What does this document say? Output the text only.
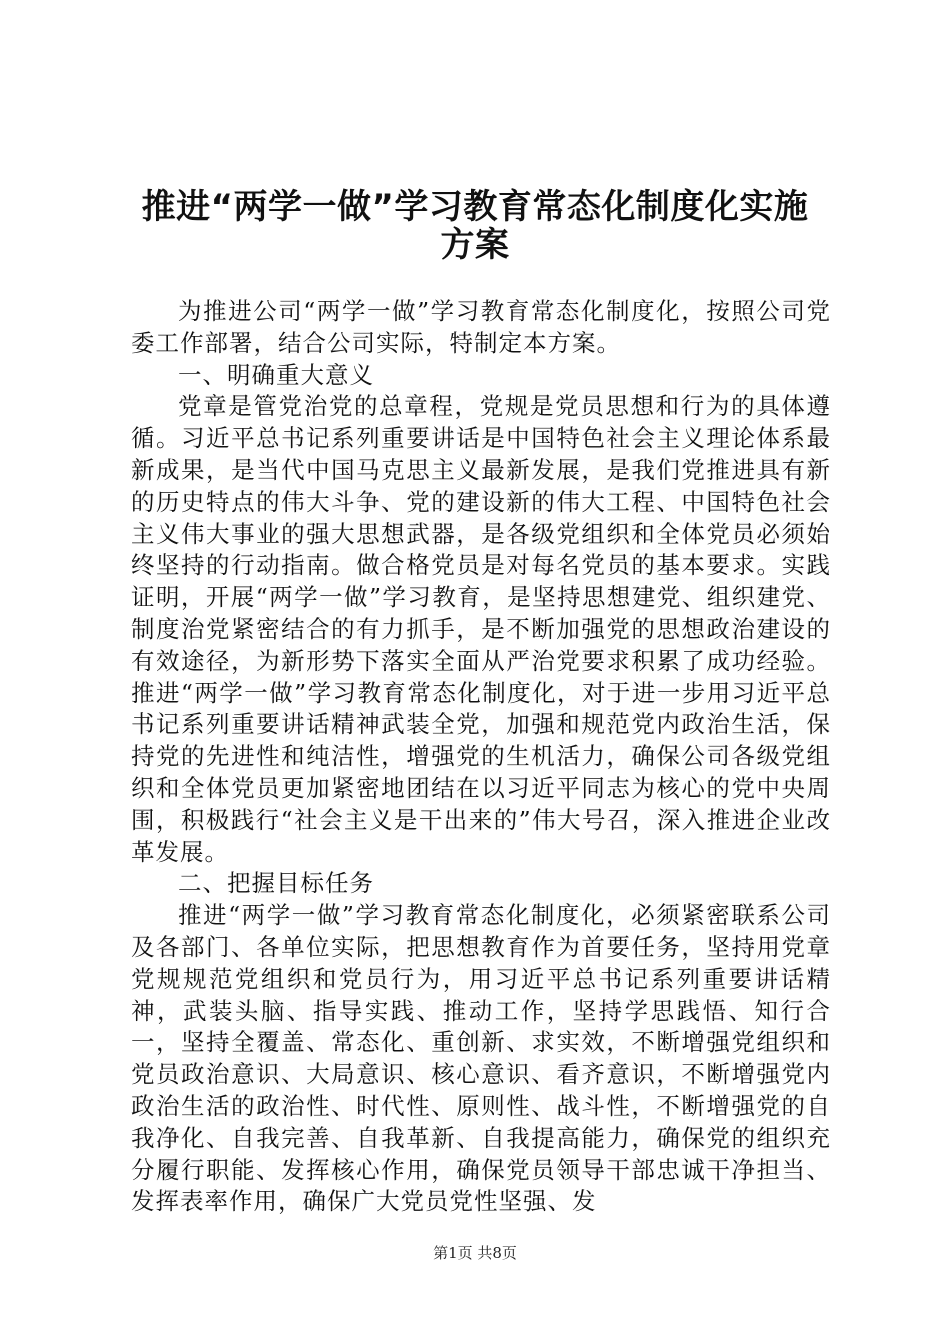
推进“两学一做”学习教育常态化制度化实施
方案

为推进公司“两学一做”学习教育常态化制度化，按照公司党委工作部署，结合公司实际，特制定本方案。

一、明确重大意义

党章是管党治党的总章程，党规是党员思想和行为的具体遵循。习近平总书记系列重要讲话是中国特色社会主义理论体系最新成果，是当代中国马克思主义最新发展，是我们党推进具有新的历史特点的伟大斗争、党的建设新的伟大工程、中国特色社会主义伟大事业的强大思想武器，是各级党组织和全体党员必须始终坚持的行动指南。做合格党员是对每名党员的基本要求。实践证明，开展“两学一做”学习教育，是坚持思想建党、组织建党、制度治党紧密结合的有力抓手，是不断加强党的思想政治建设的有效途径，为新形势下落实全面从严治党要求积累了成功经验。推进“两学一做”学习教育常态化制度化，对于进一步用习近平总书记系列重要讲话精神武装全党，加强和规范党内政治生活，保持党的先进性和纯洁性，增强党的生机活力，确保公司各级党组织和全体党员更加紧密地团结在以习近平同志为核心的党中央周围，积极践行“社会主义是干出来的”伟大号召，深入推进企业改革发展。

二、把握目标任务

推进“两学一做”学习教育常态化制度化，必须紧密联系公司及各部门、各单位实际，把思想教育作为首要任务，坚持用党章党规规范党组织和党员行为，用习近平总书记系列重要讲话精神，武装头脑、指导实践、推动工作，坚持学思践悟、知行合一，坚持全覆盖、常态化、重创新、求实效，不断增强党组织和党员政治意识、大局意识、核心意识、看齐意识，不断增强党内政治生活的政治性、时代性、原则性、战斗性，不断增强党的自我净化、自我完善、自我革新、自我提高能力，确保党的组织充分履行职能、发挥核心作用，确保党员领导干部忠诚干净担当、发挥表率作用，确保广大党员党性坚强、发

第1页 共8页
